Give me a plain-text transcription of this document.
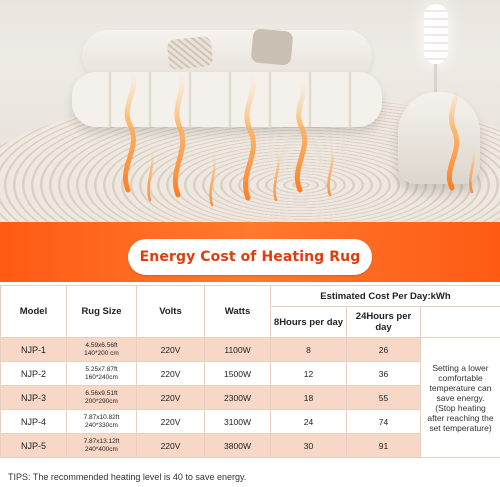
Energy Cost of Heating Rug
Model	Rug Size	Volts	Watts	Estimated Cost Per Day:kWh		
				8Hours per day	24Hours per day	
NJP-1	4.59x6.56ft
140*200 cm	220V	1100W	8	26	Setting a lower comfortable temperature can save energy. (Stop heating after reaching the set temperature)
NJP-2	5.25x7.87ft
160*240cm	220V	1500W	12	36	
NJP-3	6.56x9.51ft
200*290cm	220V	2300W	18	55	
NJP-4	7.87x10.82ft
240*330cm	220V	3100W	24	74	
NJP-5	7.87x13.12ft
240*400cm	220V	3800W	30	91	
TIPS: The recommended heating level is 40 to save energy.
